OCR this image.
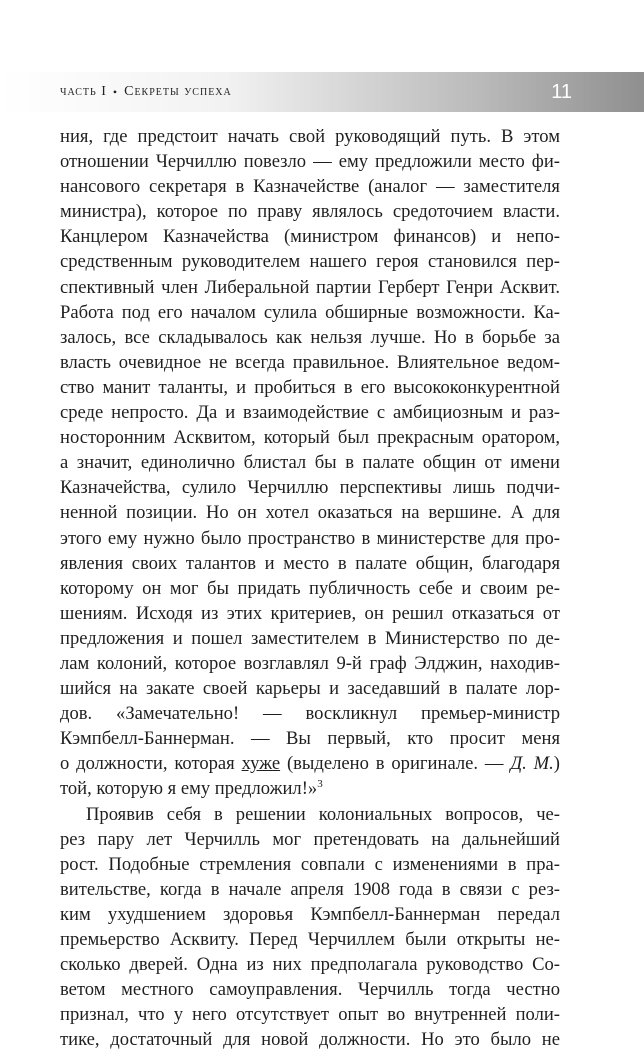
часть I • Секреты успеха	11
ния, где предстоит начать свой руководящий путь. В этом
отношении Черчиллю повезло — ему предложили место фи-
нансового секретаря в Казначействе (аналог — заместителя
министра), которое по праву являлось средоточием власти.
Канцлером Казначейства (министром финансов) и непо-
средственным руководителем нашего героя становился пер-
спективный член Либеральной партии Герберт Генри Асквит.
Работа под его началом сулила обширные возможности. Ка-
залось, все складывалось как нельзя лучше. Но в борьбе за
власть очевидное не всегда правильное. Влиятельное ведом-
ство манит таланты, и пробиться в его высококонкурентной
среде непросто. Да и взаимодействие с амбициозным и раз-
носторонним Асквитом, который был прекрасным оратором,
а значит, единолично блистал бы в палате общин от имени
Казначейства, сулило Черчиллю перспективы лишь подчи-
ненной позиции. Но он хотел оказаться на вершине. А для
этого ему нужно было пространство в министерстве для про-
явления своих талантов и место в палате общин, благодаря
которому он мог бы придать публичность себе и своим ре-
шениям. Исходя из этих критериев, он решил отказаться от
предложения и пошел заместителем в Министерство по де-
лам колоний, которое возглавлял 9-й граф Элджин, находив-
шийся на закате своей карьеры и заседавший в палате лор-
дов. «Замечательно! — воскликнул премьер-министр
Кэмпбелл-Баннерман. — Вы первый, кто просит меня
о должности, которая хуже (выделено в оригинале. — Д. М.)
той, которую я ему предложил!»$^3$
Проявив себя в решении колониальных вопросов, че-
рез пару лет Черчилль мог претендовать на дальнейший
рост. Подобные стремления совпали с изменениями в пра-
вительстве, когда в начале апреля 1908 года в связи с рез-
ким ухудшением здоровья Кэмпбелл-Баннерман передал
премьерство Асквиту. Перед Черчиллем были открыты не-
сколько дверей. Одна из них предполагала руководство Со-
ветом местного самоуправления. Черчилль тогда честно
признал, что у него отсутствует опыт во внутренней поли-
тике, достаточный для новой должности. Но это было не
